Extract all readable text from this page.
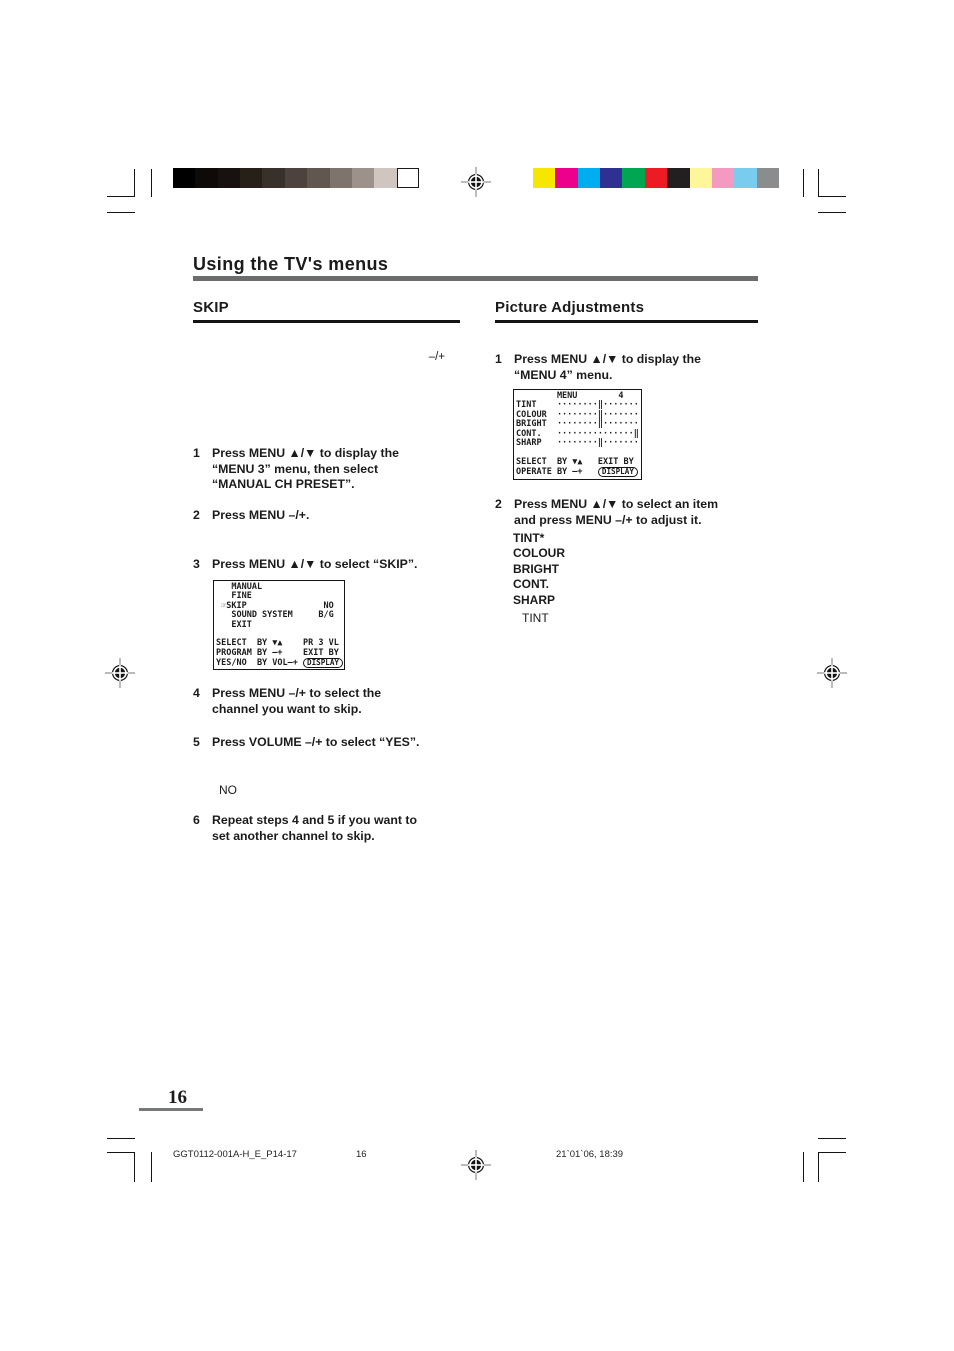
Using the TV's menus
SKIP	Picture Adjustments
–/+
1 Press MENU ▲/▼ to display the
“MENU 3” menu, then select
“MANUAL CH PRESET”.
2 Press MENU –/+.
3 Press MENU ▲/▼ to select “SKIP”.
MANUAL
FINE
☞SKIP               NO
SOUND SYSTEM     B/G
EXIT
SELECT  BY ▼▲    PR 3 VL
PROGRAM BY –+    EXIT BY
YES/NO  BY VOL–+ DISPLAY
4 Press MENU –/+ to select the
channel you want to skip.
5 Press VOLUME –/+ to select “YES”.
NO
6 Repeat steps 4 and 5 if you want to
set another channel to skip.
1 Press MENU ▲/▼ to display the
“MENU 4” menu.
MENU        4
TINT    ········‖·······
COLOUR  ········‖·······
BRIGHT  ········‖·······
CONT.   ···············‖
SHARP   ········‖·······
SELECT  BY ▼▲   EXIT BY
OPERATE BY –+   DISPLAY
2 Press MENU ▲/▼ to select an item
and press MENU –/+ to adjust it.
TINT*
COLOUR
BRIGHT
CONT.
SHARP
TINT
16
GGT0112-001A-H_E_P14-17	16	21`01`06, 18:39
